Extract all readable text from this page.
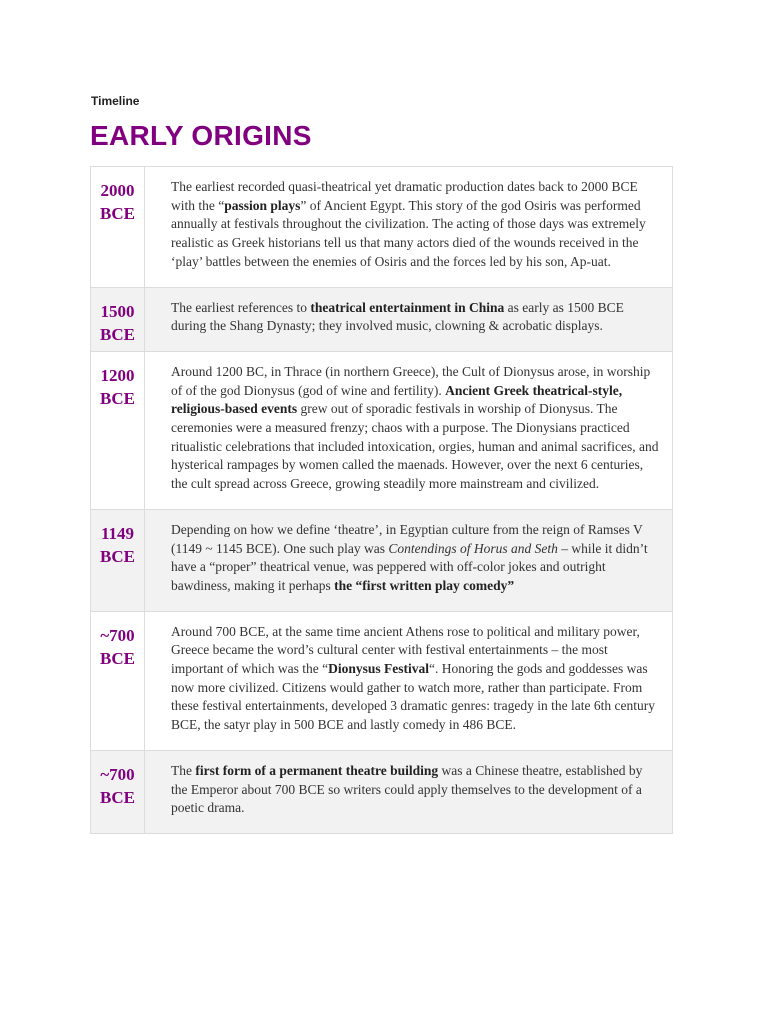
Timeline
EARLY ORIGINS
2000
BCE	The earliest recorded quasi-theatrical yet dramatic production dates back to 2000 BCE with the “passion plays” of Ancient Egypt. This story of the god Osiris was performed annually at festivals throughout the civilization. The acting of those days was extremely realistic as Greek historians tell us that many actors died of the wounds received in the ‘play’ battles between the enemies of Osiris and the forces led by his son, Ap-uat.

1500
BCE	The earliest references to theatrical entertainment in China as early as 1500 BCE during the Shang Dynasty; they involved music, clowning & acrobatic displays.

1200
BCE	Around 1200 BC, in Thrace (in northern Greece), the Cult of Dionysus arose, in worship of of the god Dionysus (god of wine and fertility). Ancient Greek theatrical-style, religious-based events grew out of sporadic festivals in worship of Dionysus. The ceremonies were a measured frenzy; chaos with a purpose. The Dionysians practiced ritualistic celebrations that included intoxication, orgies, human and animal sacrifices, and hysterical rampages by women called the maenads. However, over the next 6 centuries, the cult spread across Greece, growing steadily more mainstream and civilized.

1149
BCE	Depending on how we define ‘theatre’, in Egyptian culture from the reign of Ramses V (1149 ~ 1145 BCE). One such play was Contendings of Horus and Seth – while it didn’t have a “proper” theatrical venue, was peppered with off-color jokes and outright bawdiness, making it perhaps the “first written play comedy”

~700
BCE	Around 700 BCE, at the same time ancient Athens rose to political and military power, Greece became the word’s cultural center with festival entertainments – the most important of which was the “Dionysus Festival“. Honoring the gods and goddesses was now more civilized. Citizens would gather to watch more, rather than participate. From these festival entertainments, developed 3 dramatic genres: tragedy in the late 6th century BCE, the satyr play in 500 BCE and lastly comedy in 486 BCE.

~700
BCE	The first form of a permanent theatre building was a Chinese theatre, established by the Emperor about 700 BCE so writers could apply themselves to the development of a poetic drama.
